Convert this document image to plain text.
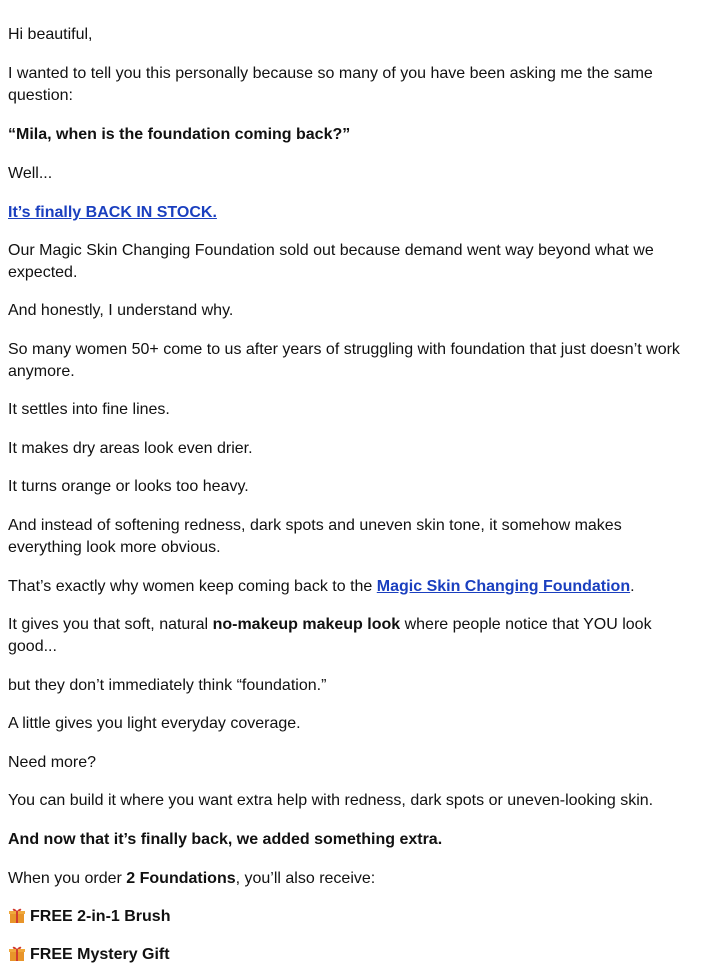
Hi beautiful,

I wanted to tell you this personally because so many of you have been asking me the same question:

“Mila, when is the foundation coming back?”

Well...

It’s finally BACK IN STOCK.

Our Magic Skin Changing Foundation sold out because demand went way beyond what we expected.

And honestly, I understand why.

So many women 50+ come to us after years of struggling with foundation that just doesn’t work anymore.

It settles into fine lines.

It makes dry areas look even drier.

It turns orange or looks too heavy.

And instead of softening redness, dark spots and uneven skin tone, it somehow makes everything look more obvious.

That’s exactly why women keep coming back to the Magic Skin Changing Foundation.

It gives you that soft, natural no-makeup makeup look where people notice that YOU look good...

but they don’t immediately think “foundation.”

A little gives you light everyday coverage.

Need more?

You can build it where you want extra help with redness, dark spots or uneven-looking skin.

And now that it’s finally back, we added something extra.

When you order 2 Foundations, you’ll also receive:

FREE 2-in-1 Brush

FREE Mystery Gift
